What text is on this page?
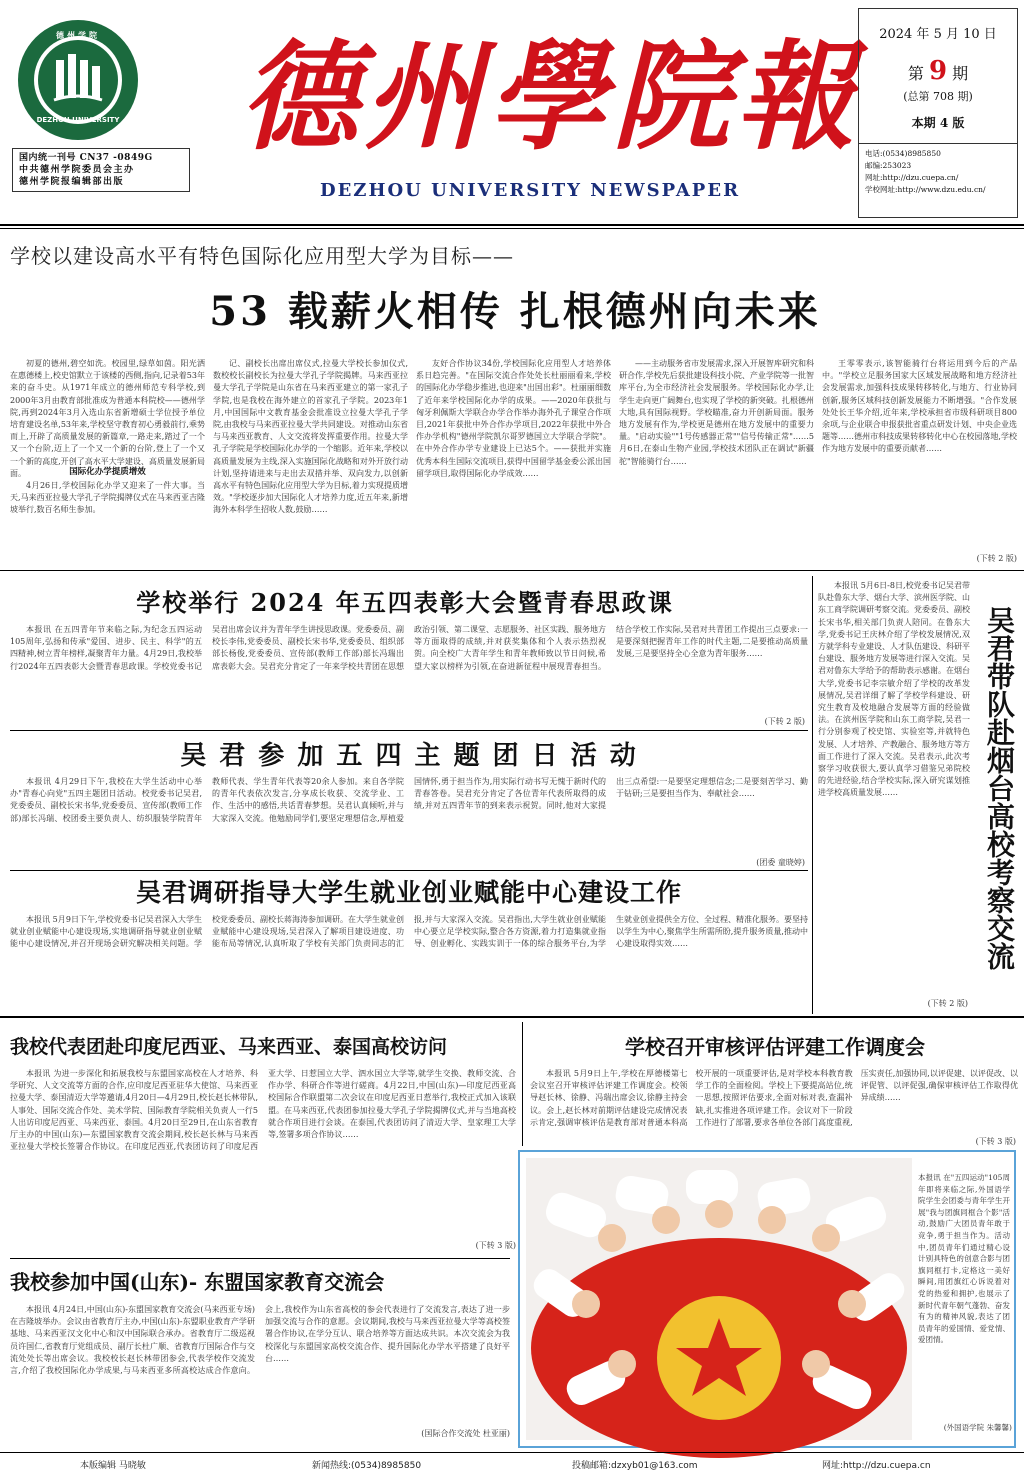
德州学院
DEZHOU UNIVERSITY
国内统一刊号 CN37 -0849G
中共德州学院委员会主办
德州学院报编辑部出版
德州學院報
DEZHOU UNIVERSITY NEWSPAPER
2024 年 5 月 10 日
第 9 期
(总第 708 期)
本期 4 版
电话:(0534)8985850
邮编:253023
网址:http://dzu.cuepa.cn/
学校网址:http://www.dzu.edu.cn/
学校以建设高水平有特色国际化应用型大学为目标——
53 载薪火相传 扎根德州向未来
初夏的德州,碧空如洗。校园里,绿草如茵。阳光洒在惠德楼上,校史馆默立于该楼的西侧,指向,记录着53年来的奋斗史。从1971年成立的德州师范专科学校,到2000年3月由教育部批准成为普通本科院校——德州学院,再到2024年3月入选山东省新增硕士学位授予单位培育建设名单,53年来,学校坚守教育初心勇毅前行,乘势而上,开辟了高质量发展的新篇章,一路走来,踏过了一个又一个台阶,迈上了一个又一个新的台阶,登上了一个又一个新的高度,开创了高水平大学建设、高质量发展新局面。	国际化办学提质增效
4月26日,学校国际化办学又迎来了一件大事。当天,马来西亚拉曼大学孔子学院揭牌仪式在马来西亚吉隆坡举行,数百名师生参加。
记、副校长出席出席仪式,拉曼大学校长参加仪式,数校校长副校长为拉曼大学孔子学院揭牌。马来西亚拉曼大学孔子学院是山东省在马来西亚建立的第一家孔子学院,也是我校在海外建立的首家孔子学院。2023年1月,中国国际中文教育基金会批准设立拉曼大学孔子学院,由我校与马来西亚拉曼大学共同建设。对推动山东省与马来西亚教育、人文交流将发挥重要作用。拉曼大学孔子学院是学校国际化办学的一个缩影。近年来,学校以高质量发展为主线,深入实施国际化战略和对外开放行动计划,坚持请进来与走出去双措并举、双向发力,以创新高水平有特色国际化应用型大学为目标,着力实现提质增效。"学校逐步加大国际化人才培养力度,近五年来,新增海外本科学生招收人数,鼓励……
友好合作协议34份,学校国际化应用型人才培养体系日趋完善。"在国际交流合作处处长杜丽丽看来,学校的国际化办学稳步推进,也迎来"出国出彩"。杜丽丽细数了近年来学校国际化办学的成果。——2020年获批与匈牙利佩斯大学联合办学合作举办海外孔子课堂合作项目,2021年获批中外合作办学项目,2022年获批中外合作办学机构"德州学院凯尔哥罗德国立大学联合学院"。在中外合作办学专业建设上已达5个。——获批并实施优秀本科生国际交流项目,获得中国留学基金委公派出国留学项目,取得国际化办学成效……
——主动服务省市发展需求,深入开展智库研究和科研合作,学校先后获批建设科技小院、产业学院等一批智库平台,为全市经济社会发展服务。学校国际化办学,让学生走向更广阔舞台,也实现了学校的新突破。扎根德州大地,具有国际视野。学校瞄准,奋力开创新局面。服务地方发展有作为,学校更是德州在地方发展中的重要力量。"启动实验""1号传感器正常""信号传输正常"……5月6日,在泰山生物产业园,学校技术团队正在调试"新疆驼"智能骑行台……
王零零表示,该智能骑行台将运用到今后的产品中。"学校立足服务国家大区域发展战略和地方经济社会发展需求,加强科技成果转移转化,与地方、行业协同创新,服务区域科技创新发展能力不断增强。"合作发展处处长王华介绍,近年来,学校承担省市级科研项目800余项,与企业联合申报获批省重点研发计划、中央企业选题等……德州市科技成果转移转化中心在校园落地,学校作为地方发展中的重要贡献者……
(下转 2 版)
学校举行 2024 年五四表彰大会暨青春思政课
本报讯 在五四青年节来临之际,为纪念五四运动105周年,弘扬和传承"爱国、进步、民主、科学"的五四精神,树立青年榜样,凝聚青年力量。4月29日,我校举行2024年五四表彰大会暨青春思政课。学校党委书记吴君出席会议并为青年学生讲授思政课。党委委员、副校长李伟,党委委员、副校长宋书华,党委委员、组织部部长杨俊,党委委员、宣传部(教师工作部)部长冯瑞出席表彰大会。吴君充分肯定了一年来学校共青团在思想政治引领、第二课堂、志愿服务、社区实践、服务地方等方面取得的成绩,并对获奖集体和个人表示热烈祝贺。向全校广大青年学生和青年教师致以节日问候,希望大家以榜样为引领,在奋进新征程中展现青春担当。结合学校工作实际,吴君对共青团工作提出三点要求:一是要深刻把握青年工作的时代主题,二是要推动高质量发展,三是要坚持全心全意为青年服务……
(下转 2 版)
吴 君 参 加 五 四 主 题 团 日 活 动
本报讯 4月29日下午,我校在大学生活动中心举办"青春心向党"五四主题团日活动。校党委书记吴君,党委委员、副校长宋书华,党委委员、宣传部(教师工作部)部长冯瑞、校团委主要负责人、纺织服装学院青年教师代表、学生青年代表等20余人参加。来自各学院的青年代表依次发言,分享成长收获、交流学业、工作、生活中的感悟,共话青春梦想。吴君认真倾听,并与大家深入交流。他勉励同学们,要坚定理想信念,厚植爱国情怀,勇于担当作为,用实际行动书写无愧于新时代的青春答卷。吴君充分肯定了各位青年代表所取得的成绩,并对五四青年节的到来表示祝贺。同时,他对大家提出三点希望:一是要坚定理想信念;二是要刻苦学习、勤于钻研;三是要担当作为、奉献社会……
(团委 童晓婷)
吴君调研指导大学生就业创业赋能中心建设工作
本报讯 5月9日下午,学校党委书记吴君深入大学生就业创业赋能中心建设现场,实地调研指导就业创业赋能中心建设情况,并召开现场会研究解决相关问题。学校党委委员、副校长蒋海涛参加调研。在大学生就业创业赋能中心建设现场,吴君深入了解项目建设进度、功能布局等情况,认真听取了学校有关部门负责同志的汇报,并与大家深入交流。吴君指出,大学生就业创业赋能中心要立足学校实际,整合各方资源,着力打造集就业指导、创业孵化、实践实训于一体的综合服务平台,为学生就业创业提供全方位、全过程、精准化服务。要坚持以学生为中心,聚焦学生所需所盼,提升服务质量,推动中心建设取得实效……
本报讯 5月6日-8日,校党委书记吴君带队赴鲁东大学、烟台大学、滨州医学院、山东工商学院调研考察交流。党委委员、副校长宋书华,相关部门负责人陪同。在鲁东大学,党委书记王庆林介绍了学校发展情况,双方就学科专业建设、人才队伍建设、科研平台建设、服务地方发展等进行深入交流。吴君对鲁东大学给予的帮助表示感谢。在烟台大学,党委书记李宗敏介绍了学校的改革发展情况,吴君详细了解了学校学科建设、研究生教育及校地融合发展等方面的经验做法。在滨州医学院和山东工商学院,吴君一行分别参观了校史馆、实验室等,并就特色发展、人才培养、产教融合、服务地方等方面工作进行了深入交流。吴君表示,此次考察学习收获很大,要认真学习借鉴兄弟院校的先进经验,结合学校实际,深入研究谋划推进学校高质量发展……	吴君带队赴烟台高校考察交流
(下转 2 版)
我校代表团赴印度尼西亚、马来西亚、泰国高校访问
本报讯 为进一步深化和拓展我校与东盟国家高校在人才培养、科学研究、人文交流等方面的合作,应印度尼西亚驻华大使馆、马来西亚拉曼大学、泰国清迈大学等邀请,4月20日—4月29日,校长赵长林带队,人事处、国际交流合作处、美术学院、国际教育学院相关负责人一行5人出访印度尼西亚、马来西亚、泰国。4月20日至29日,在山东省教育厅主办的中国(山东)—东盟国家教育交流会期间,校长赵长林与马来西亚拉曼大学校长签署合作协议。在印度尼西亚,代表团访问了印度尼西亚大学、日惹国立大学、泗水国立大学等,就学生交换、教师交流、合作办学、科研合作等进行磋商。4月22日,中国(山东)—印度尼西亚高校国际合作联盟第二次会议在印度尼西亚日惹举行,我校正式加入该联盟。在马来西亚,代表团参加拉曼大学孔子学院揭牌仪式,并与当地高校就合作项目进行会谈。在泰国,代表团访问了清迈大学、皇家理工大学等,签署多项合作协议……
(下转 3 版)
学校召开审核评估评建工作调度会
本报讯 5月9日上午,学校在厚德楼第七会议室召开审核评估评建工作调度会。校领导赵长林、徐静、冯瑞出席会议,徐静主持会议。会上,赵长林对前期评估建设完成情况表示肯定,强调审核评估是教育部对普通本科高校开展的一项重要评估,是对学校本科教育教学工作的全面检阅。学校上下要提高站位,统一思想,按照评估要求,全面对标对表,查漏补缺,扎实推进各项评建工作。会议对下一阶段工作进行了部署,要求各单位各部门高度重视,压实责任,加强协同,以评促建、以评促改、以评促管、以评促强,确保审核评估工作取得优异成绩……
(下转 3 版)
本报讯 在"五四运动"105周年即将来临之际,外国语学院学生会团委与青年学生开展"我与团旗同框合个影"活动,鼓励广大团员青年敢于竞争,勇于担当作为。活动中,团员青年们通过精心设计别具特色的创意合影与团旗同框打卡,定格这一美好瞬间,用团旗红心诉说着对党的热爱和拥护,也展示了新时代青年朝气蓬勃、奋发有为的精神风貌,表达了团员青年的爱国情、爱党情、爱团情。
(外国语学院 朱馨馨)
我校参加中国(山东)- 东盟国家教育交流会
本报讯 4月24日,中国(山东)-东盟国家教育交流会(马来西亚专场)在吉隆坡举办。会议由省教育厅主办,中国(山东)-东盟职业教育产学研基地、马来西亚汉文化中心和汉中国际联合承办。省教育厅二级巡视员许国仁,省教育厅党组成员、副厅长杜广顺、省教育厅国际合作与交流处处长等出席会议。我校校长赵长林带团参会,代表学校作交流发言,介绍了我校国际化办学成果,与马来西亚多所高校达成合作意向。会上,我校作为山东省高校的参会代表进行了交流发言,表达了进一步加强交流与合作的意愿。会议期间,我校与马来西亚拉曼大学等高校签署合作协议,在学分互认、联合培养等方面达成共识。本次交流会为我校深化与东盟国家高校交流合作、提升国际化办学水平搭建了良好平台……
(国际合作交流处 杜亚丽)
本版编辑 马晓敏	新闻热线:(0534)8985850	投稿邮箱:dzxyb01@163.com	网址:http://dzu.cuepa.cn
